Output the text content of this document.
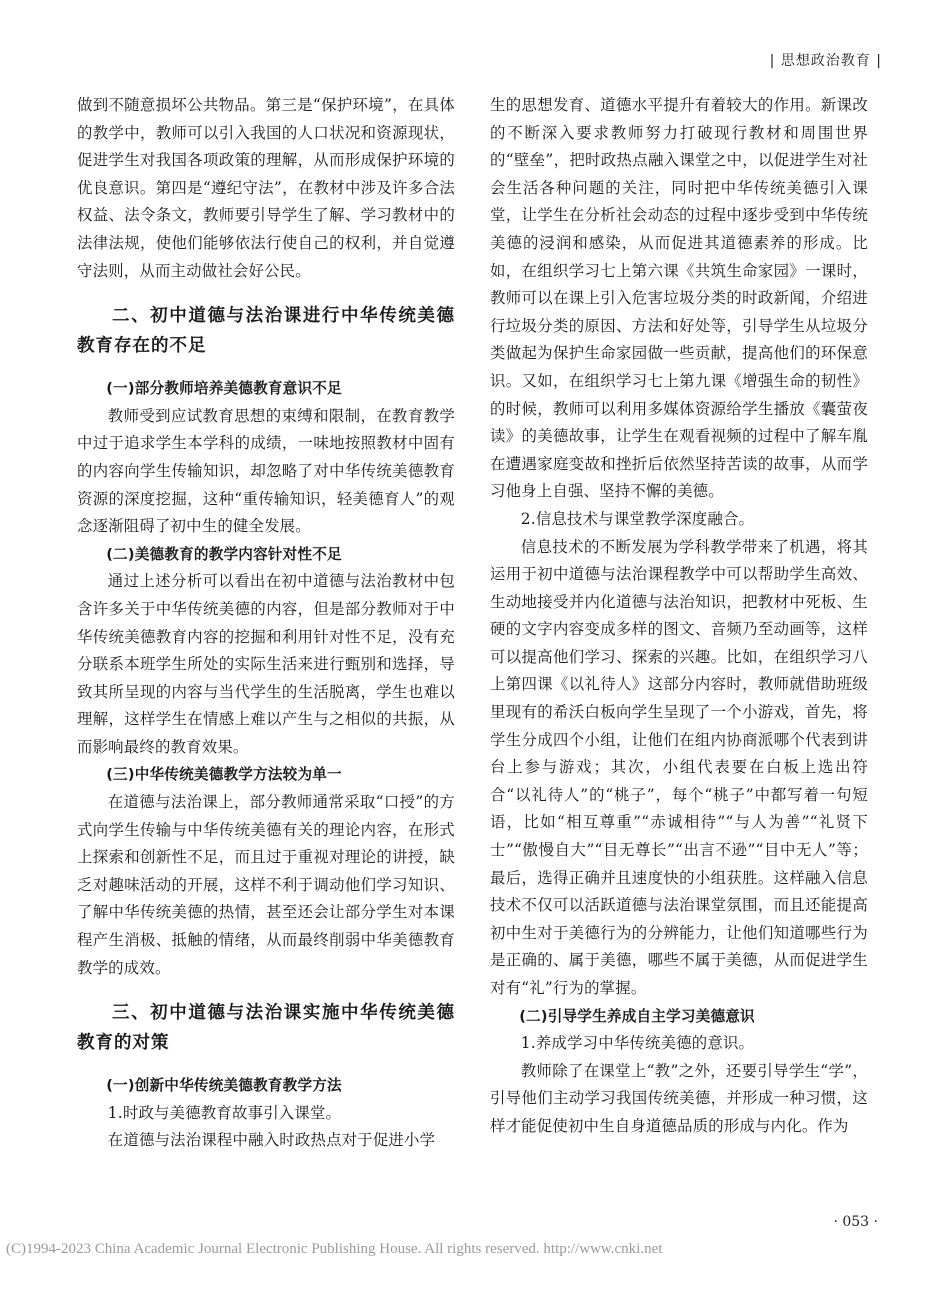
| 思想政治教育 |

做到不随意损坏公共物品。第三是“保护环境”，在具体的教学中，教师可以引入我国的人口状况和资源现状，促进学生对我国各项政策的理解，从而形成保护环境的优良意识。第四是“遵纪守法”，在教材中涉及许多合法权益、法令条文，教师要引导学生了解、学习教材中的法律法规，使他们能够依法行使自己的权利，并自觉遵守法则，从而主动做社会好公民。

二、初中道德与法治课进行中华传统美德教育存在的不足
(一)部分教师培养美德教育意识不足

教师受到应试教育思想的束缚和限制，在教育教学中过于追求学生本学科的成绩，一味地按照教材中固有的内容向学生传输知识，却忽略了对中华传统美德教育资源的深度挖掘，这种“重传输知识，轻美德育人”的观念逐渐阻碍了初中生的健全发展。

(二)美德教育的教学内容针对性不足

通过上述分析可以看出在初中道德与法治教材中包含许多关于中华传统美德的内容，但是部分教师对于中华传统美德教育内容的挖掘和利用针对性不足，没有充分联系本班学生所处的实际生活来进行甄别和选择，导致其所呈现的内容与当代学生的生活脱离，学生也难以理解，这样学生在情感上难以产生与之相似的共振，从而影响最终的教育效果。

(三)中华传统美德教学方法较为单一

在道德与法治课上，部分教师通常采取“口授”的方式向学生传输与中华传统美德有关的理论内容，在形式上探索和创新性不足，而且过于重视对理论的讲授，缺乏对趣味活动的开展，这样不利于调动他们学习知识、了解中华传统美德的热情，甚至还会让部分学生对本课程产生消极、抵触的情绪，从而最终削弱中华美德教育教学的成效。

三、初中道德与法治课实施中华传统美德教育的对策
(一)创新中华传统美德教育教学方法

1.时政与美德教育故事引入课堂。

在道德与法治课程中融入时政热点对于促进小学

生的思想发育、道德水平提升有着较大的作用。新课改的不断深入要求教师努力打破现行教材和周围世界的“壁垒”，把时政热点融入课堂之中，以促进学生对社会生活各种问题的关注，同时把中华传统美德引入课堂，让学生在分析社会动态的过程中逐步受到中华传统美德的浸润和感染，从而促进其道德素养的形成。比如，在组织学习七上第六课《共筑生命家园》一课时，教师可以在课上引入危害垃圾分类的时政新闻，介绍进行垃圾分类的原因、方法和好处等，引导学生从垃圾分类做起为保护生命家园做一些贡献，提高他们的环保意识。又如，在组织学习七上第九课《增强生命的韧性》的时候，教师可以利用多媒体资源给学生播放《囊萤夜读》的美德故事，让学生在观看视频的过程中了解车胤在遭遇家庭变故和挫折后依然坚持苦读的故事，从而学习他身上自强、坚持不懈的美德。

2.信息技术与课堂教学深度融合。

信息技术的不断发展为学科教学带来了机遇，将其运用于初中道德与法治课程教学中可以帮助学生高效、生动地接受并内化道德与法治知识，把教材中死板、生硬的文字内容变成多样的图文、音频乃至动画等，这样可以提高他们学习、探索的兴趣。比如，在组织学习八上第四课《以礼待人》这部分内容时，教师就借助班级里现有的希沃白板向学生呈现了一个小游戏，首先，将学生分成四个小组，让他们在组内协商派哪个代表到讲台上参与游戏；其次，小组代表要在白板上选出符合“以礼待人”的“桃子”，每个“桃子”中都写着一句短语，比如“相互尊重”“赤诚相待”“与人为善”“礼贤下士”“傲慢自大”“目无尊长”“出言不逊”“目中无人”等；最后，选得正确并且速度快的小组获胜。这样融入信息技术不仅可以活跃道德与法治课堂氛围，而且还能提高初中生对于美德行为的分辨能力，让他们知道哪些行为是正确的、属于美德，哪些不属于美德，从而促进学生对有“礼”行为的掌握。

(二)引导学生养成自主学习美德意识

1.养成学习中华传统美德的意识。

教师除了在课堂上“教”之外，还要引导学生“学”，引导他们主动学习我国传统美德，并形成一种习惯，这样才能促使初中生自身道德品质的形成与内化。作为

· 053 ·
(C)1994-2023 China Academic Journal Electronic Publishing House. All rights reserved. http://www.cnki.net
